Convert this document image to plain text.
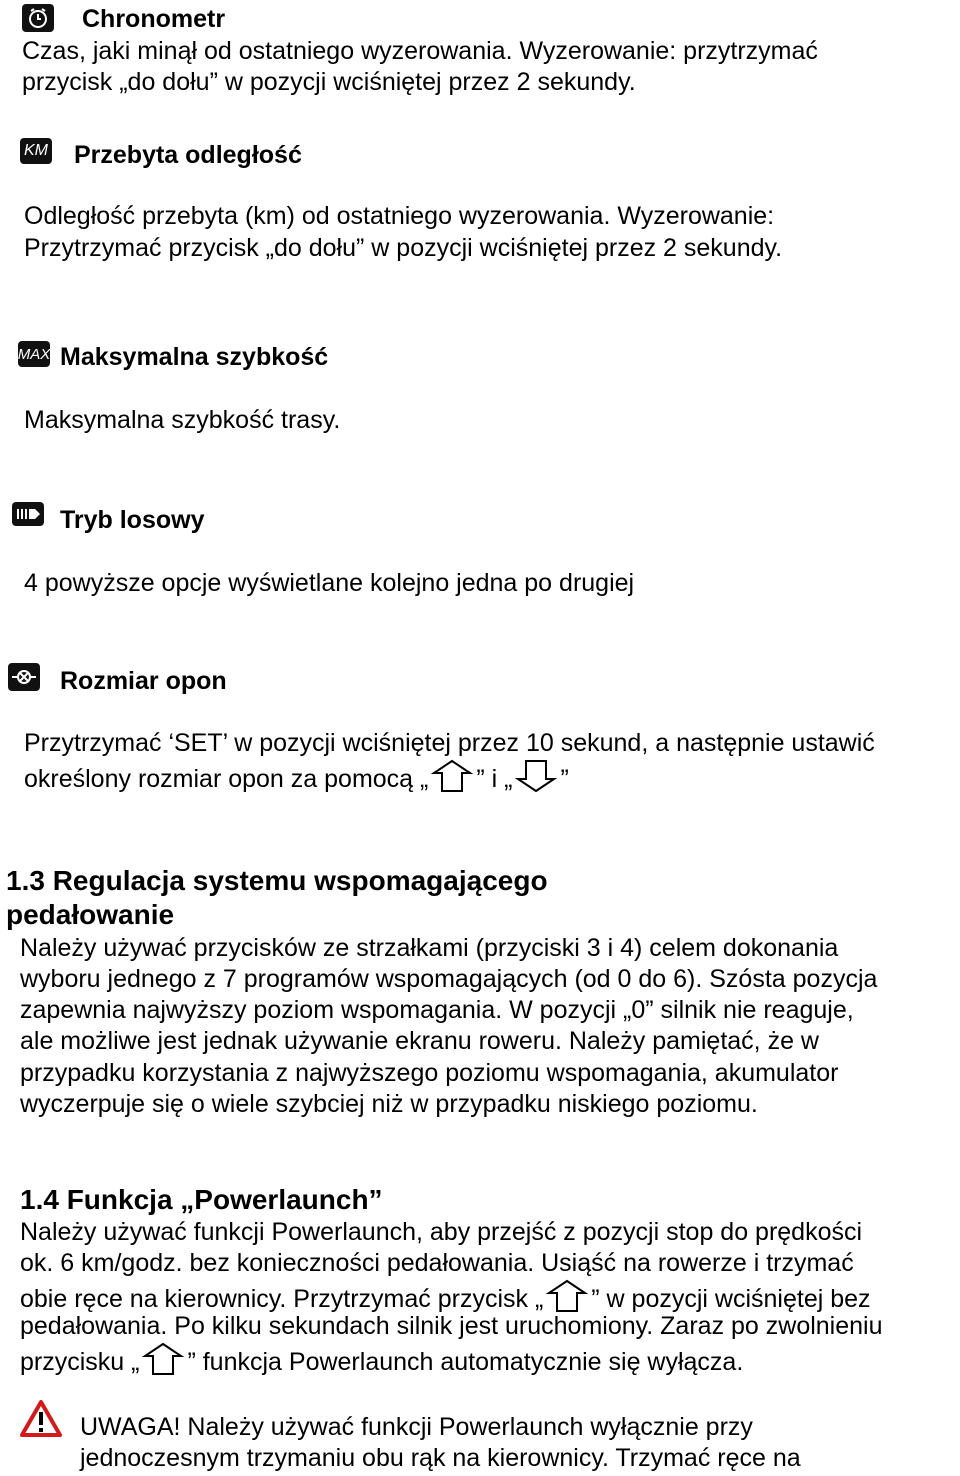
Chronometr
Czas, jaki minął od ostatniego wyzerowania. Wyzerowanie: przytrzymać
przycisk „do dołu” w pozycji wciśniętej przez 2 sekundy.
KM Przebyta odległość
Odległość przebyta (km) od ostatniego wyzerowania. Wyzerowanie:
Przytrzymać przycisk „do dołu” w pozycji wciśniętej przez 2 sekundy.
MAX Maksymalna szybkość
Maksymalna szybkość trasy.
Tryb losowy
4 powyższe opcje wyświetlane kolejno jedna po drugiej
Rozmiar opon
Przytrzymać ‘SET’ w pozycji wciśniętej przez 10 sekund, a następnie ustawić
określony rozmiar opon za pomocą „ ” i „ ”
1.3 Regulacja systemu wspomagającego
pedałowanie
Należy używać przycisków ze strzałkami (przyciski 3 i 4) celem dokonania
wyboru jednego z 7 programów wspomagających (od 0 do 6). Szósta pozycja
zapewnia najwyższy poziom wspomagania. W pozycji „0” silnik nie reaguje,
ale możliwe jest jednak używanie ekranu roweru. Należy pamiętać, że w
przypadku korzystania z najwyższego poziomu wspomagania, akumulator
wyczerpuje się o wiele szybciej niż w przypadku niskiego poziomu.
1.4 Funkcja „Powerlaunch”
Należy używać funkcji Powerlaunch, aby przejść z pozycji stop do prędkości
ok. 6 km/godz. bez konieczności pedałowania. Usiąść na rowerze i trzymać
obie ręce na kierownicy. Przytrzymać przycisk „ ” w pozycji wciśniętej bez
pedałowania. Po kilku sekundach silnik jest uruchomiony. Zaraz po zwolnieniu
przycisku „ ” funkcja Powerlaunch automatycznie się wyłącza.
UWAGA! Należy używać funkcji Powerlaunch wyłącznie przy
jednoczesnym trzymaniu obu rąk na kierownicy. Trzymać ręce na
